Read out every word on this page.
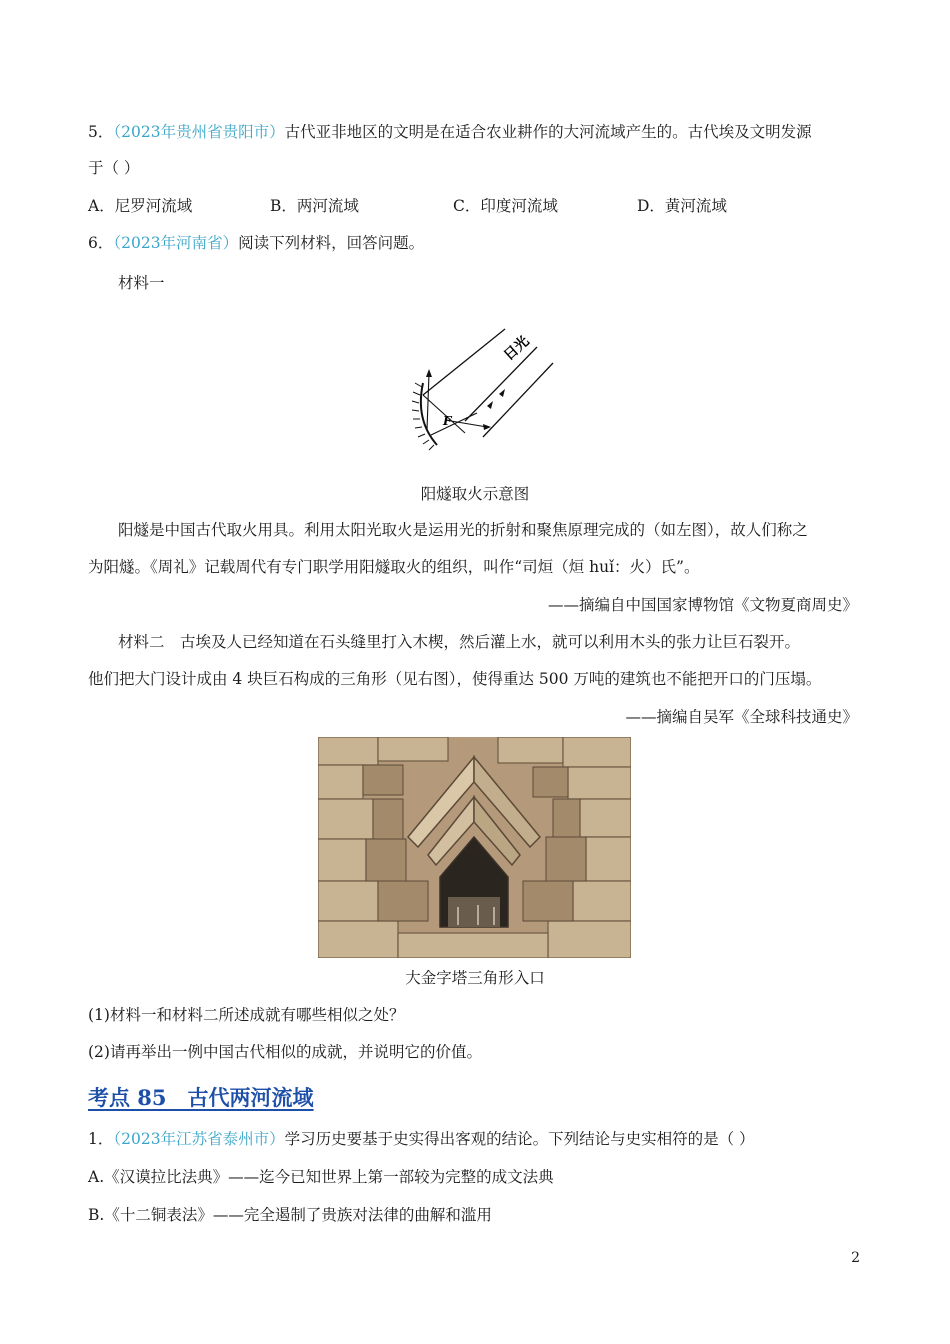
5．（2023年贵州省贵阳市）古代亚非地区的文明是在适合农业耕作的大河流域产生的。古代埃及文明发源
于（ ）
A．尼罗河流域	B．两河流域	C．印度河流域	D．黄河流域
6．（2023年河南省）阅读下列材料，回答问题。
材料一
日光
F
阳燧取火示意图
阳燧是中国古代取火用具。利用太阳光取火是运用光的折射和聚焦原理完成的（如左图），故人们称之
为阳燧。《周礼》记载周代有专门职学用阳燧取火的组织，叫作“司烜（烜 huǐ：火）氏”。
——摘编自中国国家博物馆《文物夏商周史》
材料二　古埃及人已经知道在石头缝里打入木楔，然后灌上水，就可以利用木头的张力让巨石裂开。
他们把大门设计成由 4 块巨石构成的三角形（见右图），使得重达 500 万吨的建筑也不能把开口的门压塌。
——摘编自吴军《全球科技通史》
大金字塔三角形入口
(1)材料一和材料二所述成就有哪些相似之处？
(2)请再举出一例中国古代相似的成就，并说明它的价值。
考点 85　古代两河流域
1．（2023年江苏省泰州市）学习历史要基于史实得出客观的结论。下列结论与史实相符的是（ ）
A.《汉谟拉比法典》——迄今已知世界上第一部较为完整的成文法典
B.《十二铜表法》——完全遏制了贵族对法律的曲解和滥用
2
